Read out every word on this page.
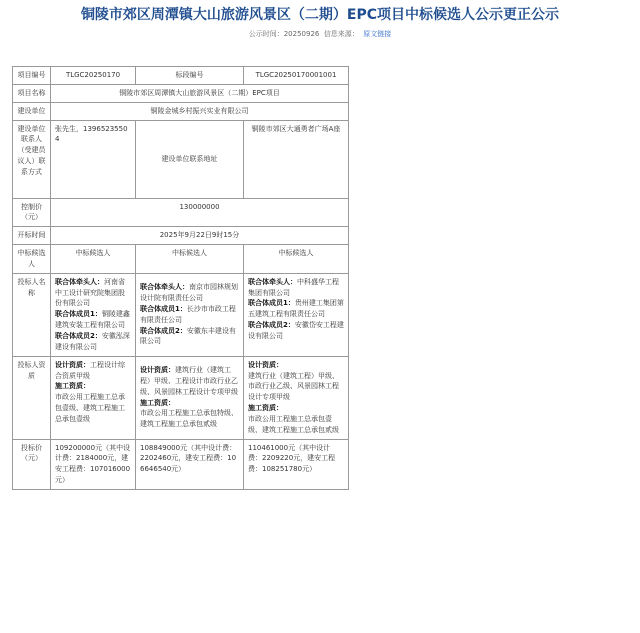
铜陵市郊区周潭镇大山旅游风景区（二期）EPC项目中标候选人公示更正公示
公示时间：20250926 信息来源： 原文链接
项目编号	TLGC20250170	标段编号	TLGC20250170001001
项目名称	铜陵市郊区周潭镇大山旅游风景区（二期）EPC项目		
建设单位	铜陵金城乡村振兴实业有限公司		
建设单位联系人（受建员议人）联系方式	张先生，13965235504	建设单位联系地址	铜陵市郊区大通勇者广场A座
控制价（元）	130000000		
开标时间	2025年9月22日9时15分		
中标候选人	中标候选人	中标候选人	中标候选人
投标人名称	联合体牵头人：河南省中工设计研究院集团股份有限公司
联合体成员1：铜陵建鑫建筑安装工程有限公司
联合体成员2：安徽泓深建设有限公司	联合体牵头人：南京市园林规划设计院有限责任公司
联合体成员1：长沙市市政工程有限责任公司
联合体成员2：安徽东丰建设有限公司	联合体牵头人：中科盛华工程集团有限公司
联合体成员1：贵州建工集团第五建筑工程有限责任公司
联合体成员2：安徽岱安工程建设有限公司
投标人资质	设计资质：工程设计综合资质甲级
施工资质：
市政公用工程施工总承包壹级、建筑工程施工总承包壹级	设计资质：建筑行业（建筑工程）甲级、工程设计市政行业乙级、风景园林工程设计专项甲级
施工资质：
市政公用工程施工总承包特级、建筑工程施工总承包贰级	设计资质：
建筑行业（建筑工程）甲级、市政行业乙级、风景园林工程设计专项甲级
施工资质：
市政公用工程施工总承包壹级、建筑工程施工总承包贰级
投标价（元）	109200000元（其中设计费：2184000元，建安工程费：107016000元）	108849000元（其中设计费：2202460元，建安工程费：106646540元）	110461000元（其中设计费：2209220元，建安工程费：108251780元）
